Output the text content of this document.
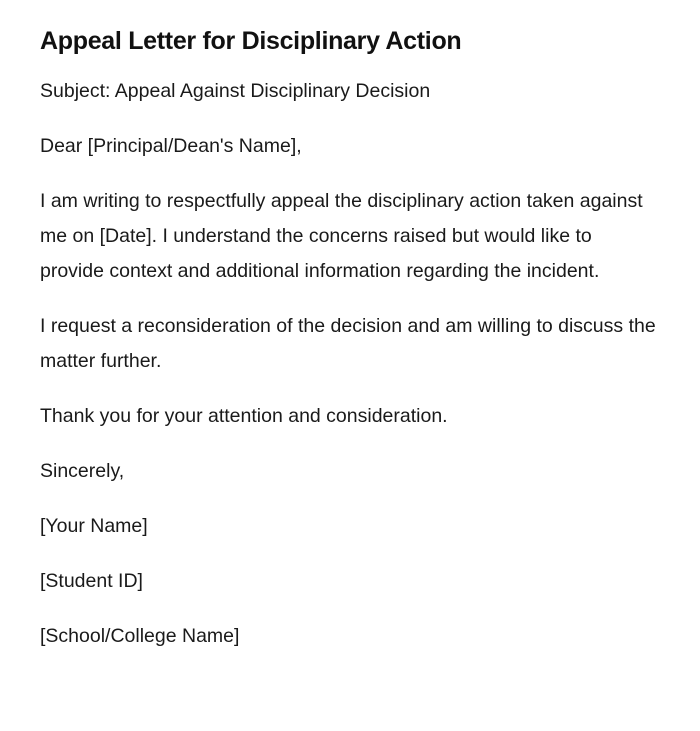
Appeal Letter for Disciplinary Action

Subject: Appeal Against Disciplinary Decision

Dear [Principal/Dean's Name],

I am writing to respectfully appeal the disciplinary action taken against me on [Date]. I understand the concerns raised but would like to provide context and additional information regarding the incident.

I request a reconsideration of the decision and am willing to discuss the matter further.

Thank you for your attention and consideration.

Sincerely,

[Your Name]

[Student ID]

[School/College Name]
